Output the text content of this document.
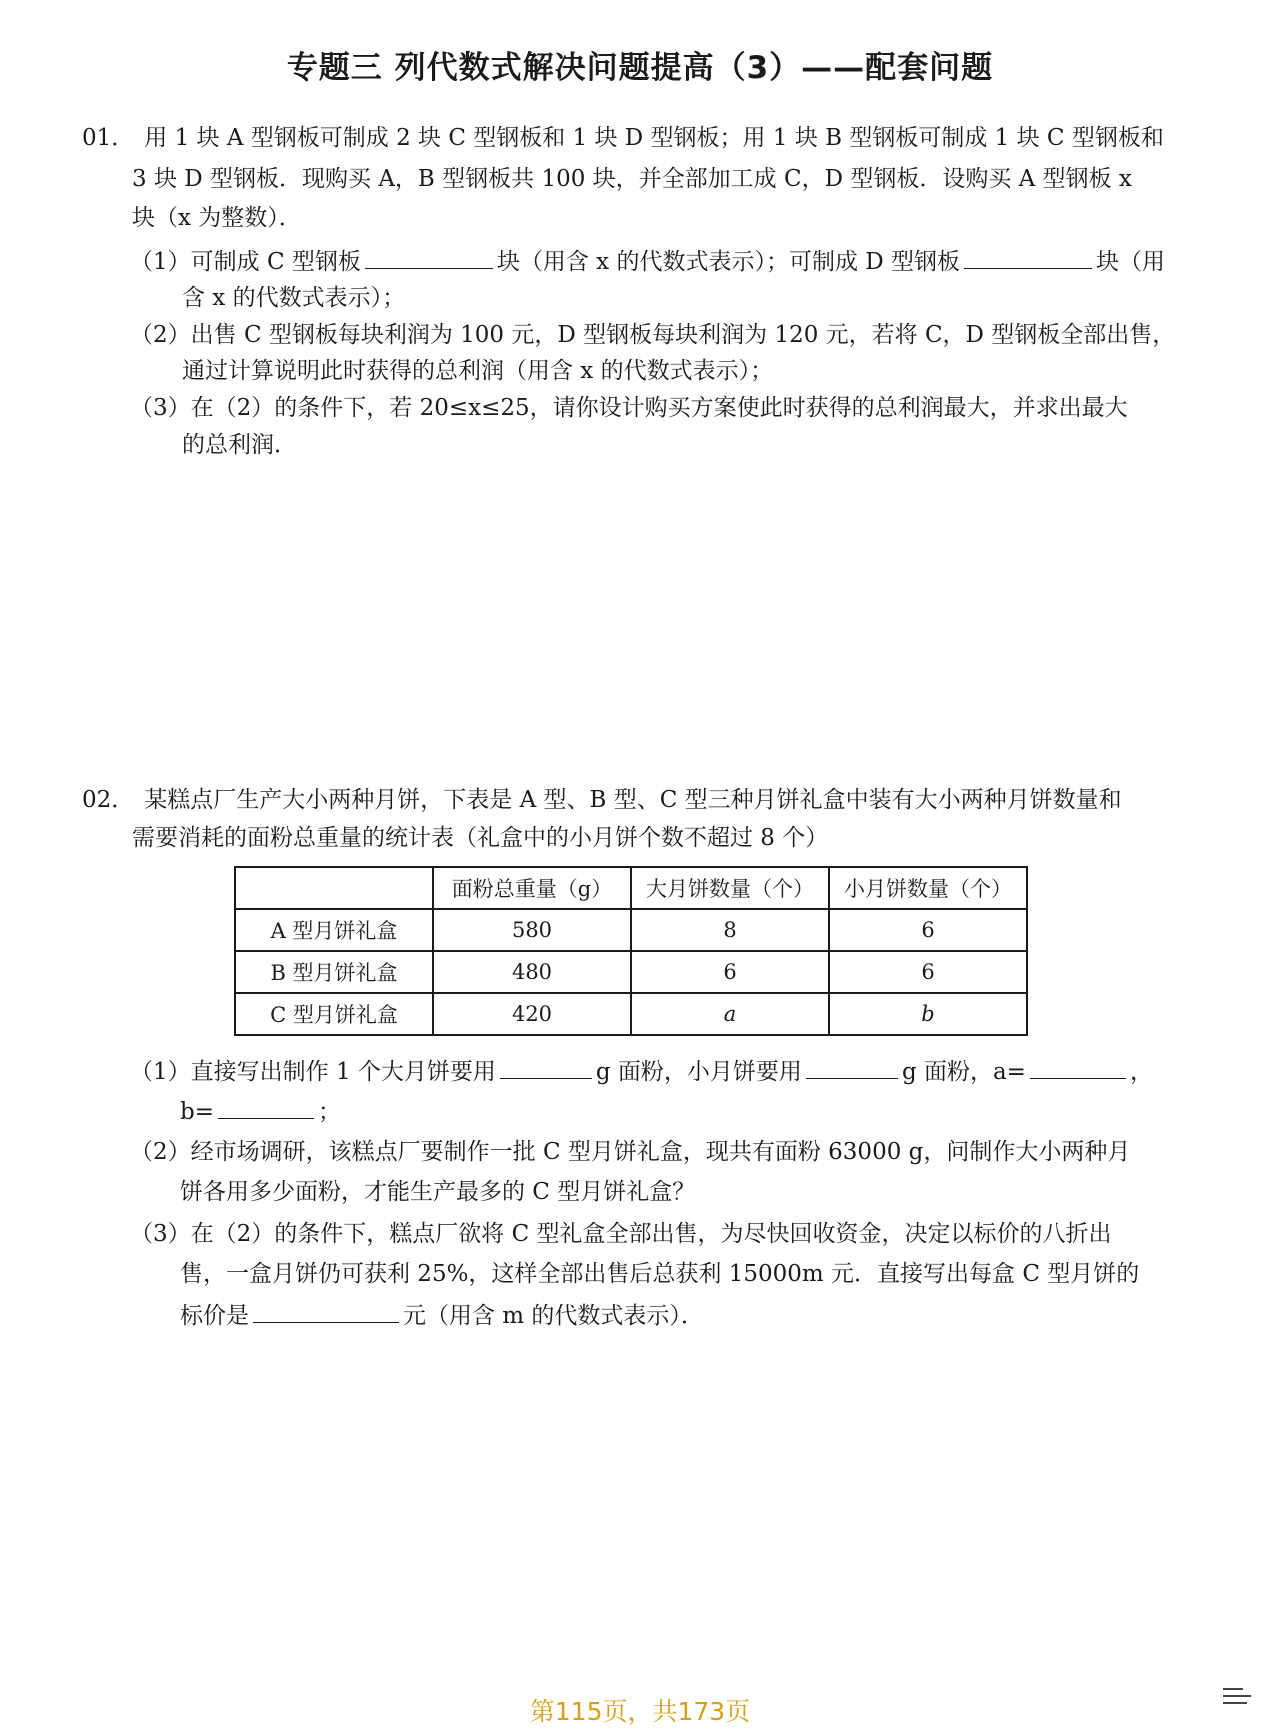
专题三 列代数式解决问题提高（3）——配套问题
01． 用 1 块 A 型钢板可制成 2 块 C 型钢板和 1 块 D 型钢板；用 1 块 B 型钢板可制成 1 块 C 型钢板和
3 块 D 型钢板．现购买 A，B 型钢板共 100 块，并全部加工成 C，D 型钢板．设购买 A 型钢板 x
块（x 为整数）．
（1）可制成 C 型钢板	块（用含 x 的代数式表示）；可制成 D 型钢板	块（用
含 x 的代数式表示）；
（2）出售 C 型钢板每块利润为 100 元，D 型钢板每块利润为 120 元，若将 C，D 型钢板全部出售，
通过计算说明此时获得的总利润（用含 x 的代数式表示）；
（3）在（2）的条件下，若 20≤x≤25，请你设计购买方案使此时获得的总利润最大，并求出最大
的总利润．
02． 某糕点厂生产大小两种月饼，下表是 A 型、B 型、C 型三种月饼礼盒中装有大小两种月饼数量和
需要消耗的面粉总重量的统计表（礼盒中的小月饼个数不超过 8 个）
	面粉总重量（g）	大月饼数量（个）	小月饼数量（个）
A 型月饼礼盒	580	8	6
B 型月饼礼盒	480	6	6
C 型月饼礼盒	420	a	b
（1）直接写出制作 1 个大月饼要用	g 面粉，小月饼要用	g 面粉，a=	，
b=	；
（2）经市场调研，该糕点厂要制作一批 C 型月饼礼盒，现共有面粉 63000 g，问制作大小两种月
饼各用多少面粉，才能生产最多的 C 型月饼礼盒？
（3）在（2）的条件下，糕点厂欲将 C 型礼盒全部出售，为尽快回收资金，决定以标价的八折出
售，一盒月饼仍可获利 25%，这样全部出售后总获利 15000m 元．直接写出每盒 C 型月饼的
标价是	元（用含 m 的代数式表示）．
第115页，共173页
